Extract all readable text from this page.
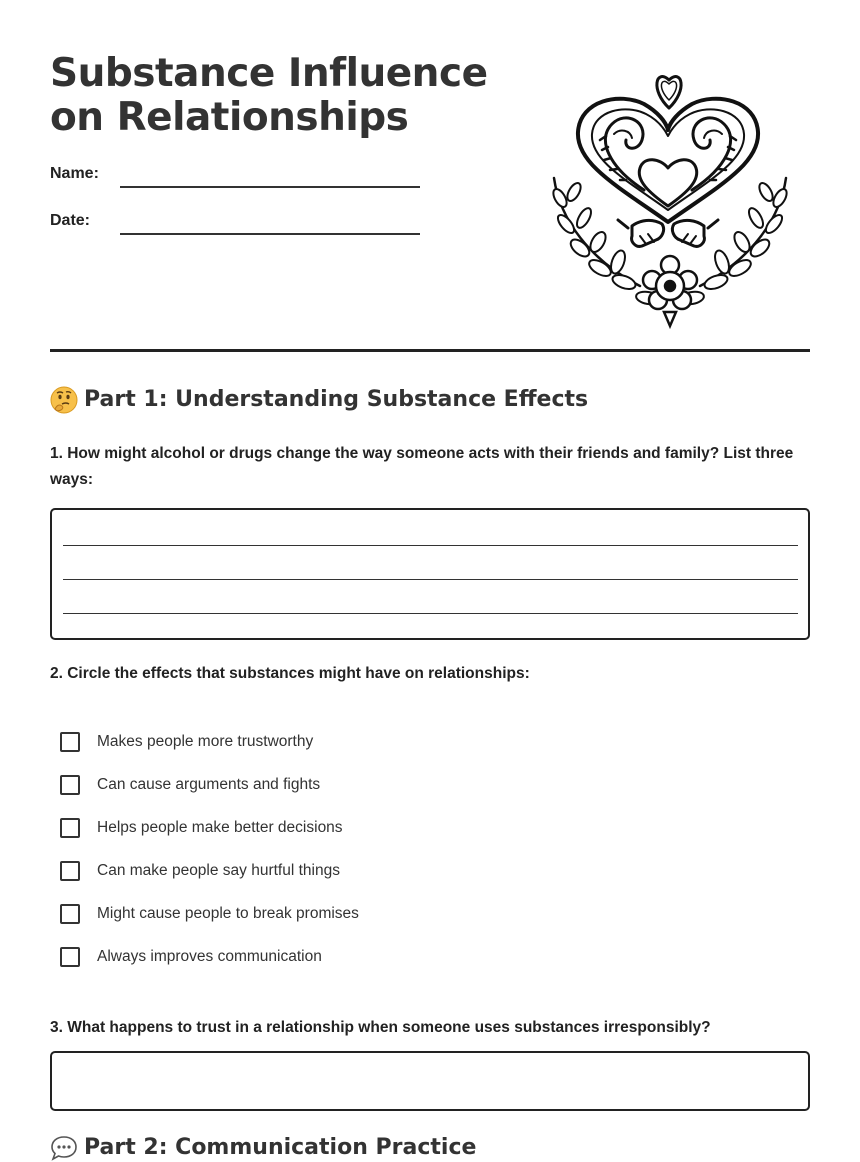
Substance Influence on Relationships
Name:
Date:
Part 1: Understanding Substance Effects

1. How might alcohol or drugs change the way someone acts with their friends and family? List three ways:

2. Circle the effects that substances might have on relationships:

Makes people more trustworthy
Can cause arguments and fights
Helps people make better decisions
Can make people say hurtful things
Might cause people to break promises
Always improves communication

3. What happens to trust in a relationship when someone uses substances irresponsibly?

Part 2: Communication Practice
